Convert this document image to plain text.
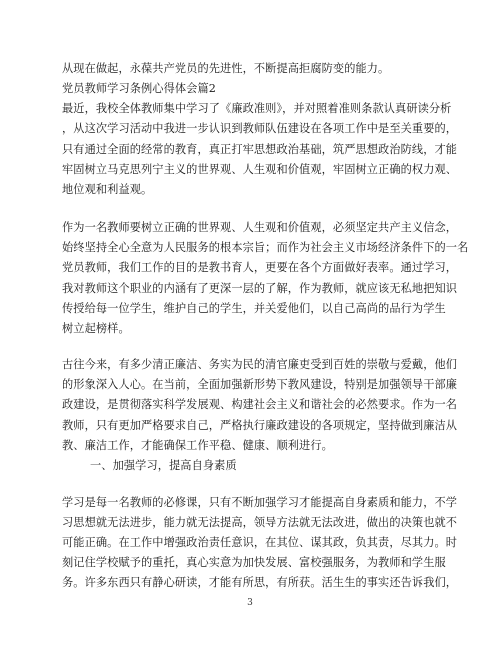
从现在做起，永葆共产党员的先进性，不断提高拒腐防变的能力。
党员教师学习条例心得体会篇2
最近，我校全体教师集中学习了《廉政准则》，并对照着准则条款认真研读分析
，从这次学习活动中我进一步认识到教师队伍建设在各项工作中是至关重要的，
只有通过全面的经常的教育，真正打牢思想政治基础，筑严思想政治防线，才能
牢固树立马克思列宁主义的世界观、人生观和价值观，牢固树立正确的权力观、
地位观和利益观。
作为一名教师要树立正确的世界观、人生观和价值观，必须坚定共产主义信念，
始终坚持全心全意为人民服务的根本宗旨；而作为社会主义市场经济条件下的一名
党员教师，我们工作的目的是教书育人，更要在各个方面做好表率。通过学习，
我对教师这个职业的内涵有了更深一层的了解，作为教师，就应该无私地把知识
传授给每一位学生，维护自己的学生，并关爱他们，以自己高尚的品行为学生
树立起榜样。
古往今来，有多少清正廉洁、务实为民的清官廉吏受到百姓的崇敬与爱戴，他们
的形象深入人心。在当前，全面加强新形势下教风建设，特别是加强领导干部廉
政建设，是贯彻落实科学发展观、构建社会主义和谐社会的必然要求。作为一名
教师，只有更加严格要求自己，严格执行廉政建设的各项规定，坚持做到廉洁从
教、廉洁工作，才能确保工作平稳、健康、顺利进行。
一、加强学习，提高自身素质
学习是每一名教师的必修课，只有不断加强学习才能提高自身素质和能力，不学
习思想就无法进步，能力就无法提高，领导方法就无法改进，做出的决策也就不
可能正确。在工作中增强政治责任意识，在其位、谋其政，负其责，尽其力。时
刻记住学校赋予的重托，真心实意为加快发展、富校强服务，为教师和学生服
务。许多东西只有静心研读，才能有所思，有所获。活生生的事实还告诉我们，
3
